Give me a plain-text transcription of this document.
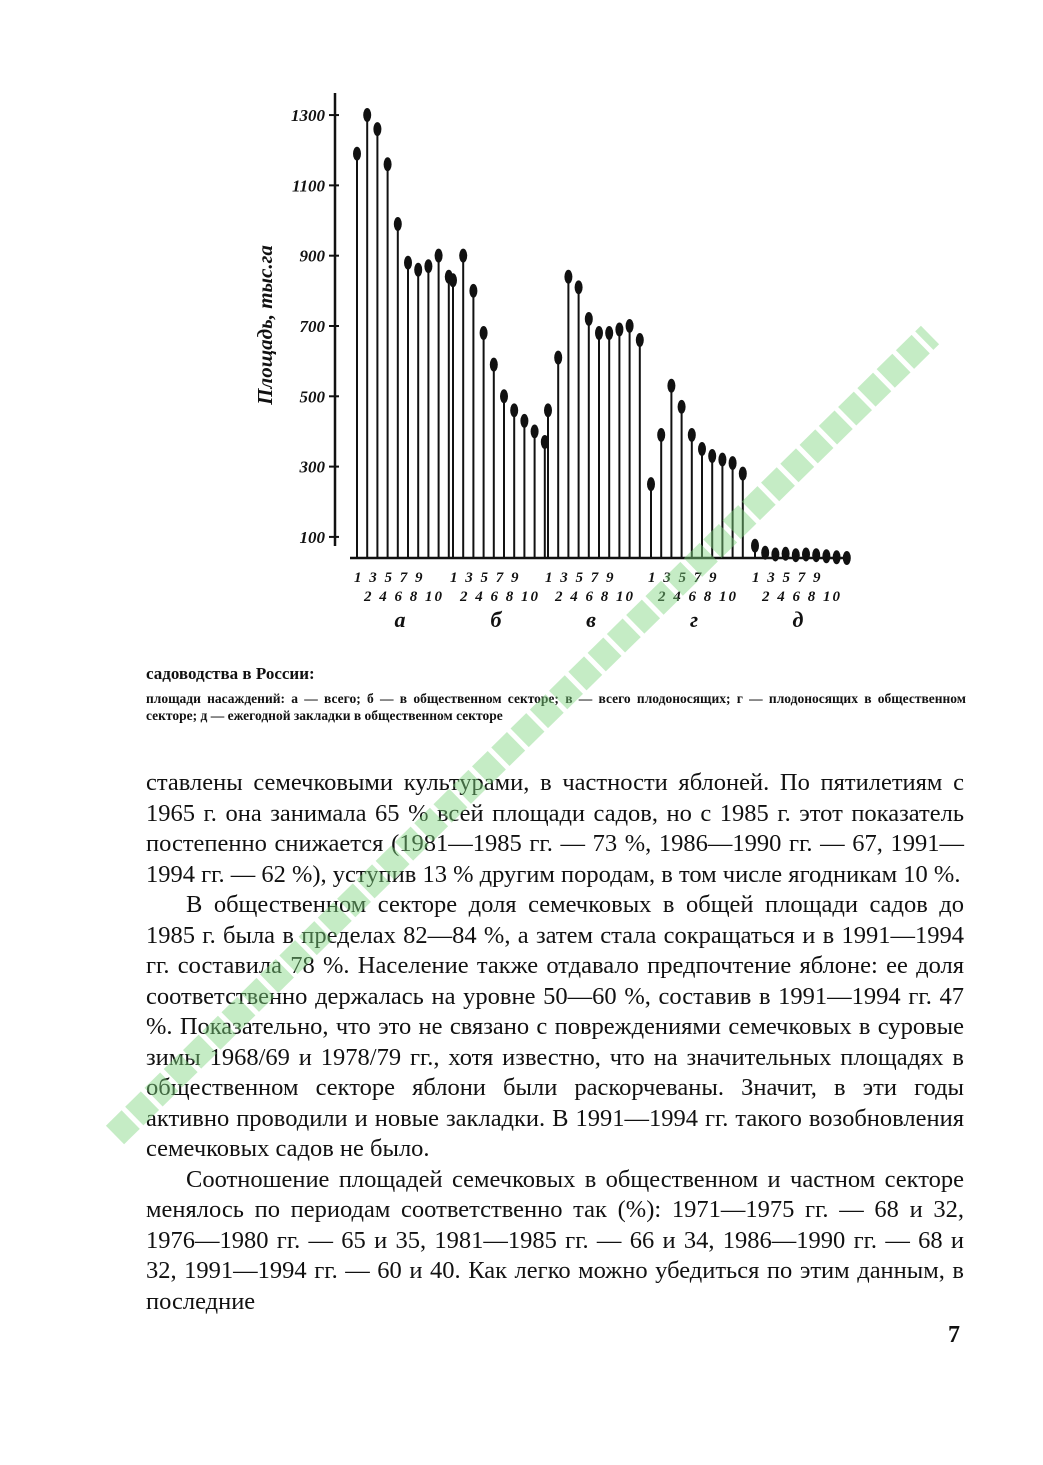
100
300
500
700
900
1100
1300
Площадь, тыс.га
1 3 5 7 9
2 4 6 8 10
а
1 3 5 7 9
2 4 6 8 10
б
1 3 5 7 9
2 4 6 8 10
в
1 3 5 7 9
2 4 6 8 10
г
1 3 5 7 9
2 4 6 8 10
д
садоводства в России:
площади насаждений: а — всего; б — в общественном секторе; в — всего плодоносящих; г — плодоносящих в общественном секторе; д — ежегодной закладки в общественном секторе

ставлены семечковыми культурами, в частности яблоней. По пятилетиям с 1965 г. она занимала 65 % всей площади садов, но с 1985 г. этот показатель постепенно снижается (1981—1985 гг. — 73 %, 1986—1990 гг. — 67, 1991—1994 гг. — 62 %), уступив 13 % другим породам, в том числе ягодникам 10 %.

В общественном секторе доля семечковых в общей площади садов до 1985 г. была в пределах 82—84 %, а затем стала сокращаться и в 1991—1994 гг. составила 78 %. Население также отдавало предпочтение яблоне: ее доля соответственно держалась на уровне 50—60 %, составив в 1991—1994 гг. 47 %. Показательно, что это не связано с повреждениями семечковых в суровые зимы 1968/69 и 1978/79 гг., хотя известно, что на значительных площадях в общественном секторе яблони были раскорчеваны. Значит, в эти годы активно проводили и новые закладки. В 1991—1994 гг. такого возобновления семечковых садов не было.

Соотношение площадей семечковых в общественном и частном секторе менялось по периодам соответственно так (%): 1971—1975 гг. — 68 и 32, 1976—1980 гг. — 65 и 35, 1981—1985 гг. — 66 и 34, 1986—1990 гг. — 68 и 32, 1991—1994 гг. — 60 и 40. Как легко можно убедиться по этим данным, в последние

7
